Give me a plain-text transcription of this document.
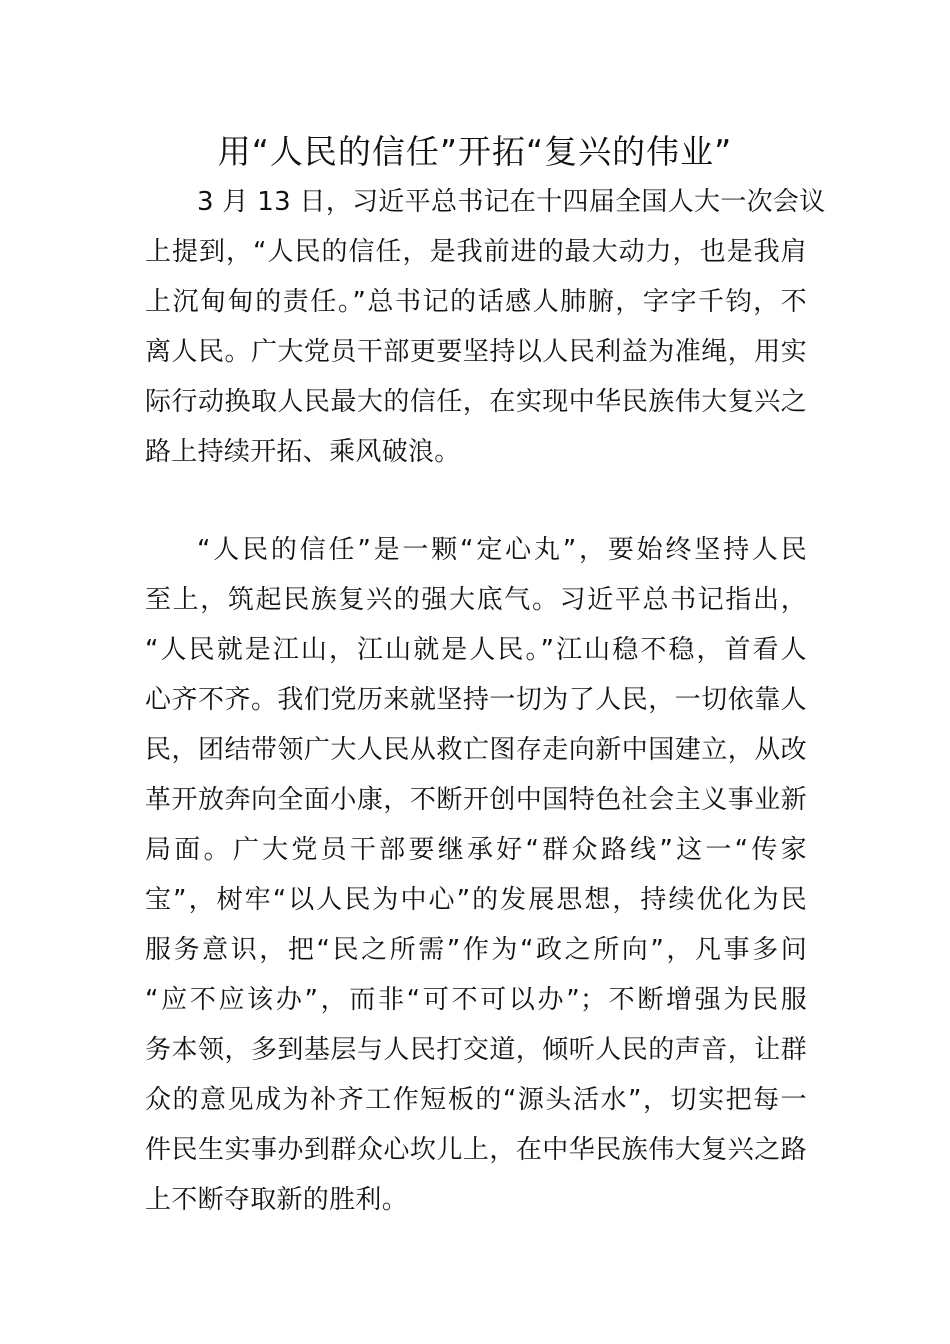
用“人民的信任”开拓“复兴的伟业”
3 月 13 日，习近平总书记在十四届全国人大一次会议
上提到，“人民的信任，是我前进的最大动力，也是我肩
上沉甸甸的责任。”总书记的话感人肺腑，字字千钧，不
离人民。广大党员干部更要坚持以人民利益为准绳，用实
际行动换取人民最大的信任，在实现中华民族伟大复兴之
路上持续开拓、乘风破浪。
“人民的信任”是一颗“定心丸”，要始终坚持人民
至上，筑起民族复兴的强大底气。习近平总书记指出，
“人民就是江山，江山就是人民。”江山稳不稳，首看人
心齐不齐。我们党历来就坚持一切为了人民，一切依靠人
民，团结带领广大人民从救亡图存走向新中国建立，从改
革开放奔向全面小康，不断开创中国特色社会主义事业新
局面。广大党员干部要继承好“群众路线”这一“传家
宝”，树牢“以人民为中心”的发展思想，持续优化为民
服务意识，把“民之所需”作为“政之所向”，凡事多问
“应不应该办”，而非“可不可以办”；不断增强为民服
务本领，多到基层与人民打交道，倾听人民的声音，让群
众的意见成为补齐工作短板的“源头活水”，切实把每一
件民生实事办到群众心坎儿上，在中华民族伟大复兴之路
上不断夺取新的胜利。
